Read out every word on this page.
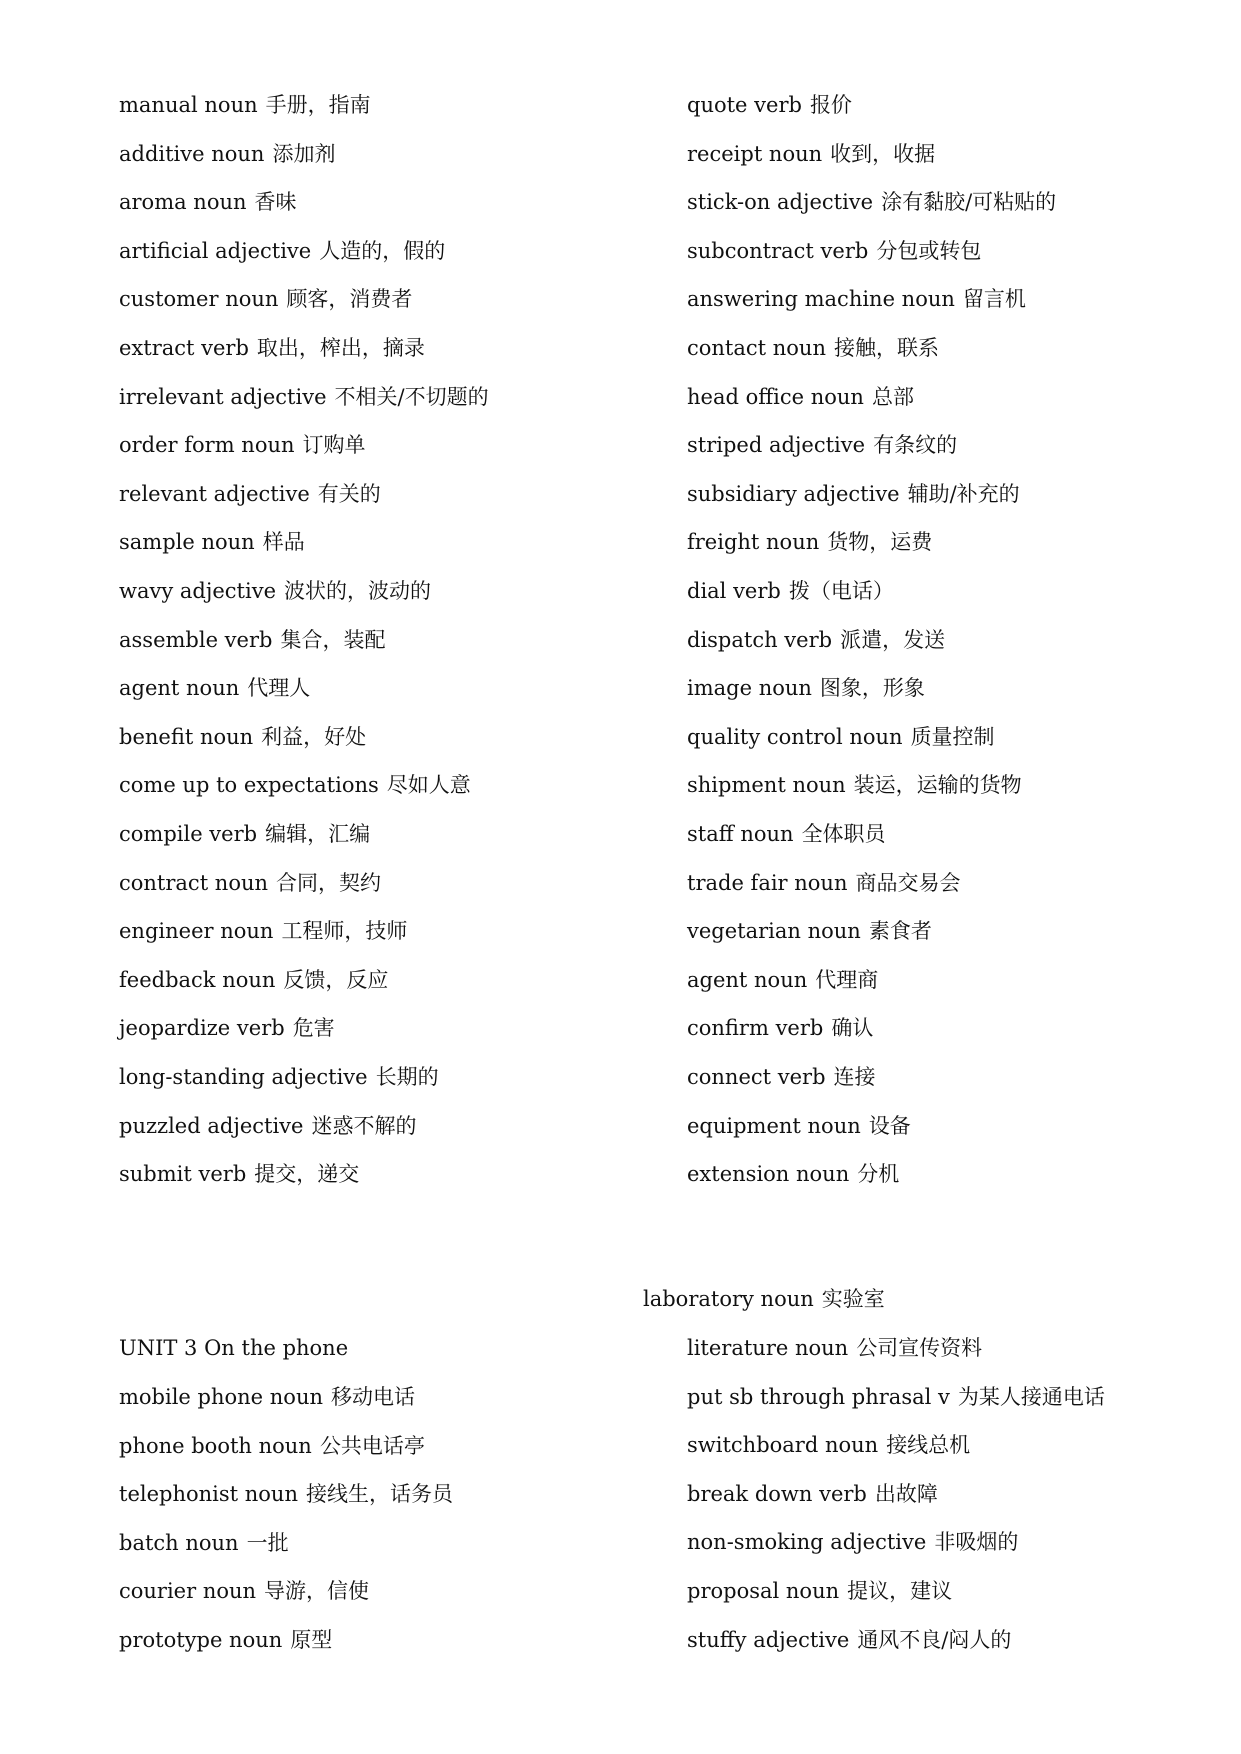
manual noun 手册，指南
additive noun 添加剂
aroma noun 香味
artificial adjective 人造的，假的
customer noun 顾客，消费者
extract verb 取出，榨出，摘录
irrelevant adjective 不相关/不切题的
order form noun 订购单
relevant adjective 有关的
sample noun 样品
wavy adjective 波状的，波动的
assemble verb 集合，装配
agent noun 代理人
benefit noun 利益，好处
come up to expectations 尽如人意
compile verb 编辑，汇编
contract noun 合同，契约
engineer noun 工程师，技师
feedback noun 反馈，反应
jeopardize verb 危害
long-standing adjective 长期的
puzzled adjective 迷惑不解的
submit verb 提交，递交
UNIT 3 On the phone
mobile phone noun 移动电话
phone booth noun 公共电话亭
telephonist noun 接线生，话务员
batch noun 一批
courier noun 导游，信使
prototype noun 原型
quote verb 报价
receipt noun 收到，收据
stick-on adjective 涂有黏胶/可粘贴的
subcontract verb 分包或转包
answering machine noun 留言机
contact noun 接触，联系
head office noun 总部
striped adjective 有条纹的
subsidiary adjective 辅助/补充的
freight noun 货物，运费
dial verb 拨（电话）
dispatch verb 派遣，发送
image noun 图象，形象
quality control noun 质量控制
shipment noun 装运，运输的货物
staff noun 全体职员
trade fair noun 商品交易会
vegetarian noun 素食者
agent noun 代理商
confirm verb 确认
connect verb 连接
equipment noun 设备
extension noun 分机
laboratory noun 实验室
literature noun 公司宣传资料
put sb through phrasal v 为某人接通电话
switchboard noun 接线总机
break down verb 出故障
non-smoking adjective 非吸烟的
proposal noun 提议，建议
stuffy adjective 通风不良/闷人的
